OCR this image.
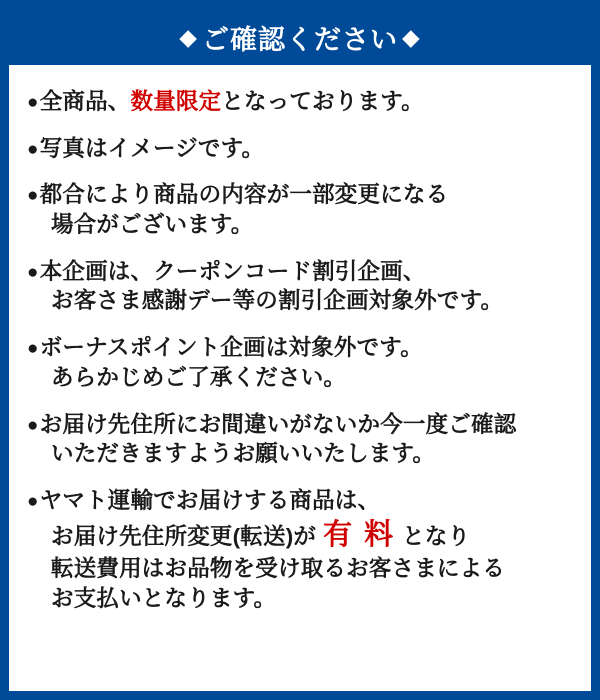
◆ ご確認ください ◆
● 全商品、 数量限定 となっております。
● 写真はイメージです。
● 都合により商品の内容が一部変更になる
場合がございます。
● 本企画は、クーポンコード割引企画、
お客さま感謝デー等の割引企画対象外です。
● ボーナスポイント企画は対象外です。
あらかじめご了承ください。
● お届け先住所にお間違いがないか今一度ご確認
いただきますようお願いいたします。
● ヤマト運輸でお届けする商品は、
お届け先住所変更(転送)が 有 料 となり
転送費用はお品物を受け取るお客さまによる
お支払いとなります。
